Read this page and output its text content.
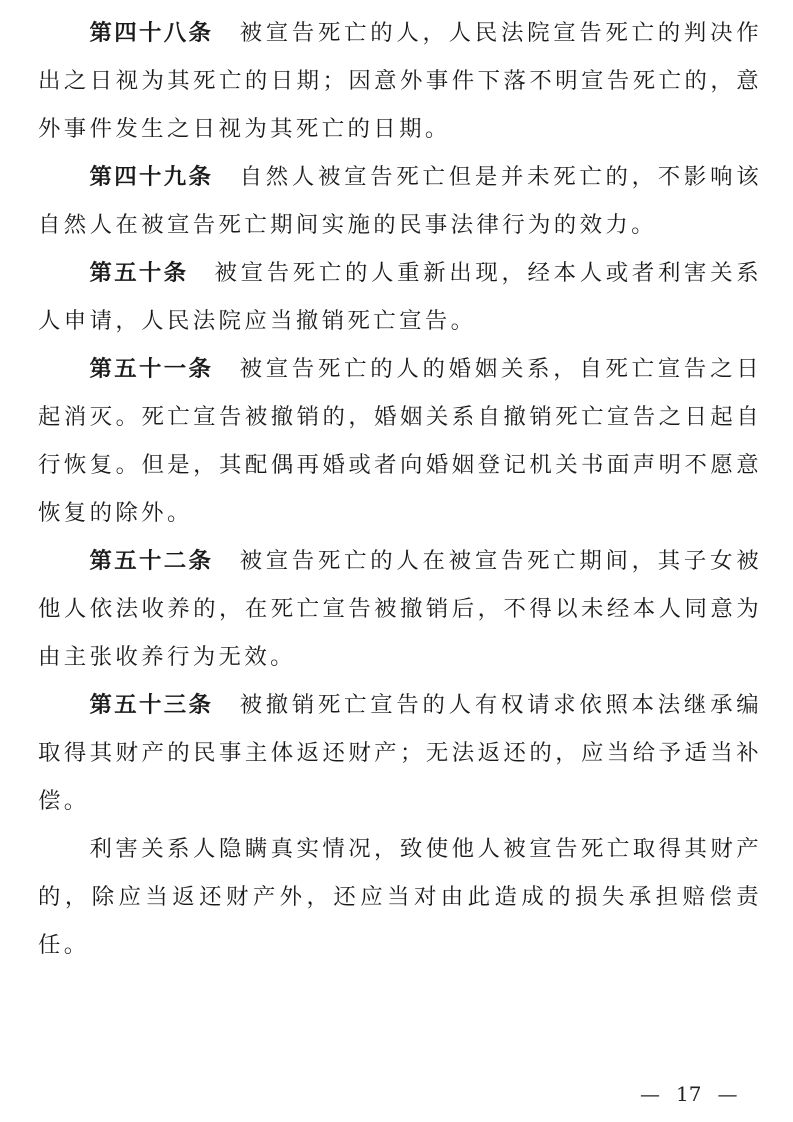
第四十八条 被宣告死亡的人，人民法院宣告死亡的判决作出之日视为其死亡的日期；因意外事件下落不明宣告死亡的，意外事件发生之日视为其死亡的日期。

第四十九条 自然人被宣告死亡但是并未死亡的，不影响该自然人在被宣告死亡期间实施的民事法律行为的效力。

第五十条 被宣告死亡的人重新出现，经本人或者利害关系人申请，人民法院应当撤销死亡宣告。

第五十一条 被宣告死亡的人的婚姻关系，自死亡宣告之日起消灭。死亡宣告被撤销的，婚姻关系自撤销死亡宣告之日起自行恢复。但是，其配偶再婚或者向婚姻登记机关书面声明不愿意恢复的除外。

第五十二条 被宣告死亡的人在被宣告死亡期间，其子女被他人依法收养的，在死亡宣告被撤销后，不得以未经本人同意为由主张收养行为无效。

第五十三条 被撤销死亡宣告的人有权请求依照本法继承编取得其财产的民事主体返还财产；无法返还的，应当给予适当补偿。

利害关系人隐瞒真实情况，致使他人被宣告死亡取得其财产的，除应当返还财产外，还应当对由此造成的损失承担赔偿责任。

— 17 —
